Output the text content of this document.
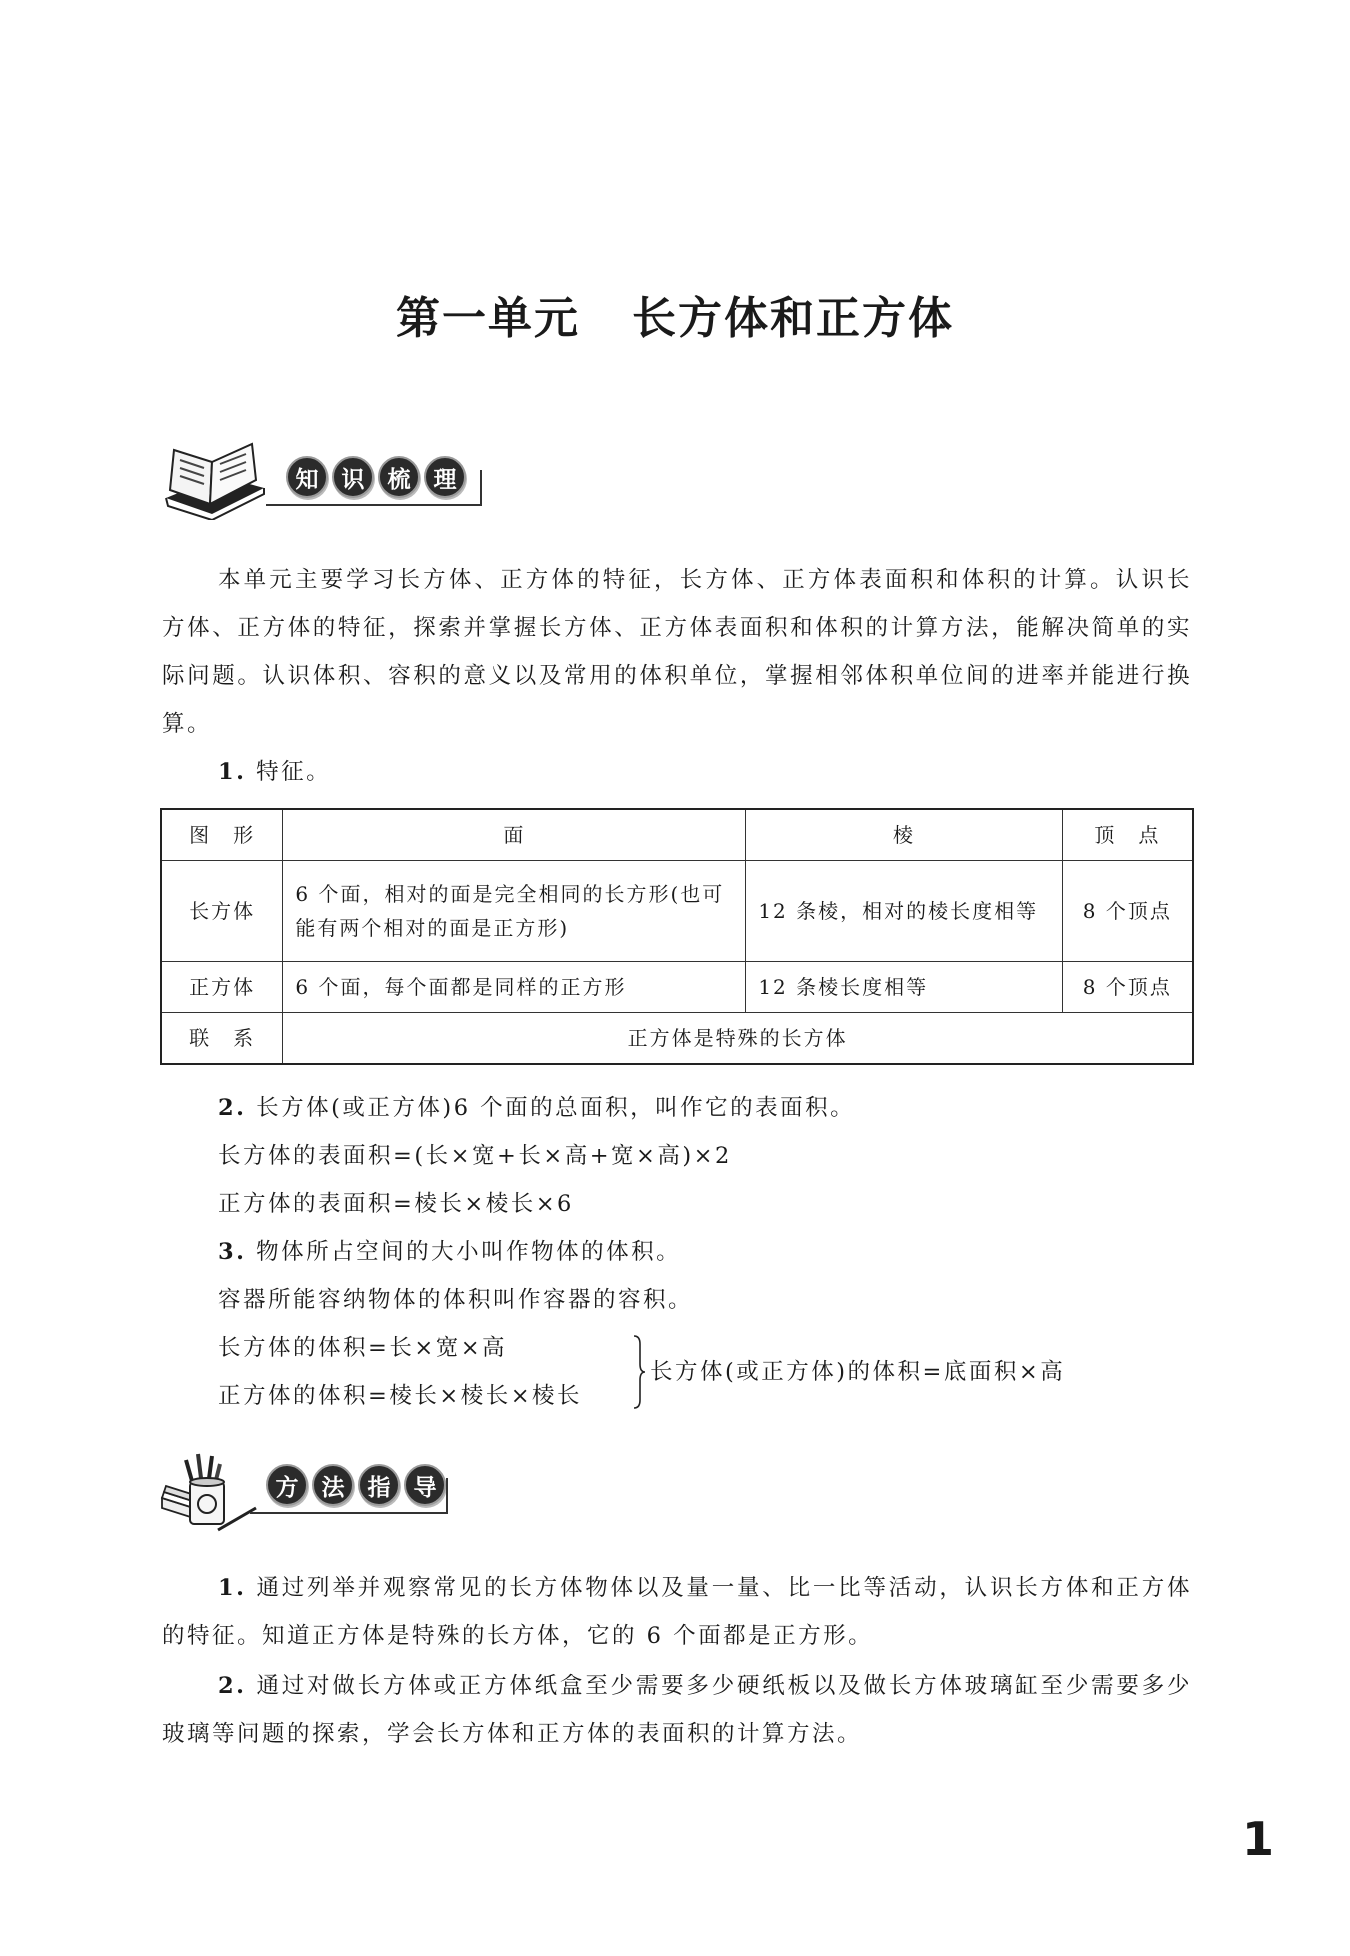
第一单元 长方体和正方体
知	识	梳	理
本单元主要学习长方体、正方体的特征，长方体、正方体表面积和体积的计算。认识长方体、正方体的特征，探索并掌握长方体、正方体表面积和体积的计算方法，能解决简单的实际问题。认识体积、容积的意义以及常用的体积单位，掌握相邻体积单位间的进率并能进行换算。
1. 特征。
图　形	面	棱	顶　点
长方体	6 个面，相对的面是完全相同的长方形(也可能有两个相对的面是正方形)	12 条棱，相对的棱长度相等	8 个顶点
正方体	6 个面，每个面都是同样的正方形	12 条棱长度相等	8 个顶点
联　系	正方体是特殊的长方体		
2. 长方体(或正方体)6 个面的总面积，叫作它的表面积。
长方体的表面积=(长×宽+长×高+宽×高)×2
正方体的表面积=棱长×棱长×6
3. 物体所占空间的大小叫作物体的体积。
容器所能容纳物体的体积叫作容器的容积。
长方体的体积=长×宽×高
正方体的体积=棱长×棱长×棱长
长方体(或正方体)的体积=底面积×高
方	法	指	导
1. 通过列举并观察常见的长方体物体以及量一量、比一比等活动，认识长方体和正方体的特征。知道正方体是特殊的长方体，它的 6 个面都是正方形。
2. 通过对做长方体或正方体纸盒至少需要多少硬纸板以及做长方体玻璃缸至少需要多少玻璃等问题的探索，学会长方体和正方体的表面积的计算方法。
1
